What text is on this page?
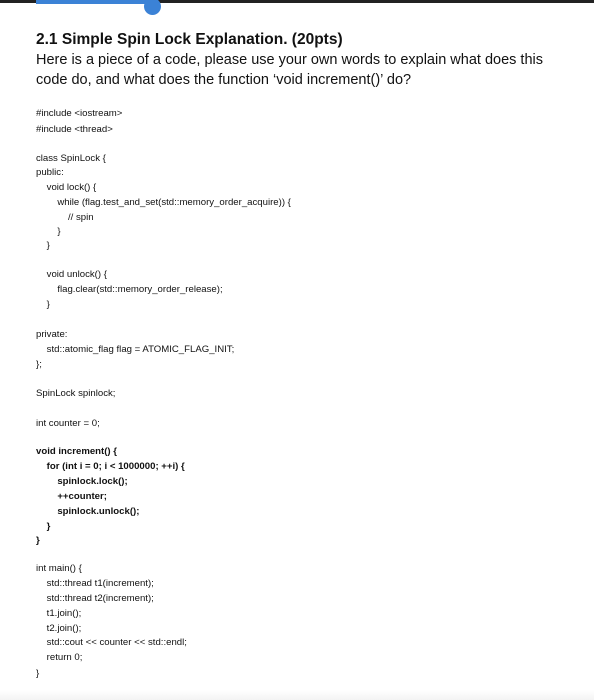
2.1 Simple Spin Lock Explanation. (20pts)

Here is a piece of a code, please use your own words to explain what does this

code do, and what does the function ‘void increment()’ do?

#include <iostream>
#include <thread>
class SpinLock {
public:
void lock() {
while (flag.test_and_set(std::memory_order_acquire)) {
// spin
}
}
void unlock() {
flag.clear(std::memory_order_release);
}
private:
std::atomic_flag flag = ATOMIC_FLAG_INIT;
};
SpinLock spinlock;
int counter = 0;
void increment() {
for (int i = 0; i < 1000000; ++i) {
spinlock.lock();
++counter;
spinlock.unlock();
}
}
int main() {
std::thread t1(increment);
std::thread t2(increment);
t1.join();
t2.join();
std::cout << counter << std::endl;
return 0;
}
